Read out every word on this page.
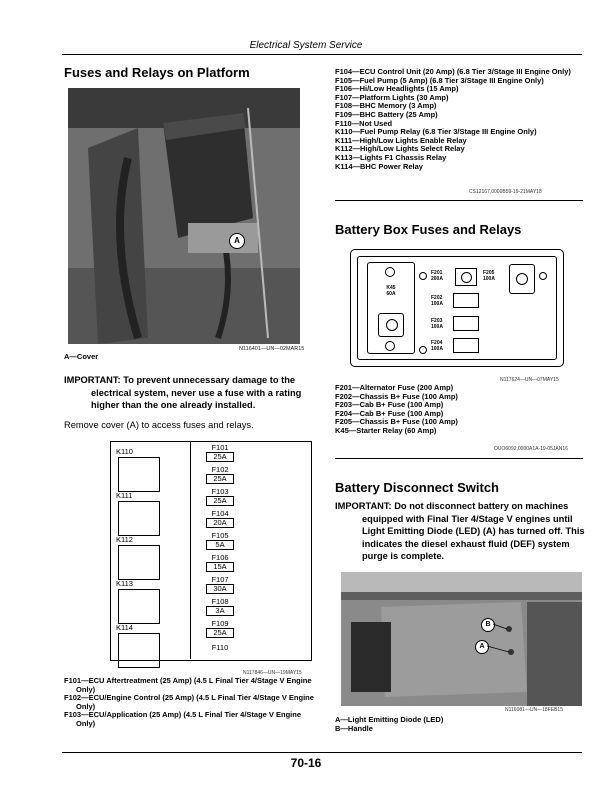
Electrical System Service
Fuses and Relays on Platform
A
N116401—UN—02MAR15
A—Cover
IMPORTANT: To prevent unnecessary damage to the electrical system, never use a fuse with a rating higher than the one already installed.
Remove cover (A) to access fuses and relays.
K110
K111
K112
K113
K114
F101
25A
F102
25A
F103
25A
F104
20A
F105
5A
F106
15A
F107
30A
F108
3A
F109
25A
F110
N117846—UN—19MAY15
F101—ECU Aftertreatment (25 Amp) (4.5 L Final Tier 4/Stage V Engine Only)
F102—ECU/Engine Control (25 Amp) (4.5 L Final Tier 4/Stage V Engine Only)
F103—ECU/Application (25 Amp) (4.5 L Final Tier 4/Stage V Engine Only)
F104—ECU Control Unit (20 Amp) (6.8 Tier 3/Stage III Engine Only)
F105—Fuel Pump (5 Amp) (6.8 Tier 3/Stage III Engine Only)
F106—Hi/Low Headlights (15 Amp)
F107—Platform Lights (30 Amp)
F108—BHC Memory (3 Amp)
F109—BHC Battery (25 Amp)
F110—Not Used
K110—Fuel Pump Relay (6.8 Tier 3/Stage III Engine Only)
K111—High/Low Lights Enable Relay
K112—High/Low Lights Select Relay
K113—Lights F1 Chassis Relay
K114—BHC Power Relay
CS12167,0000B59-19-21MAY18
Battery Box Fuses and Relays
K45
60A
F201
200A
F205
100A
F202
100A
F203
100A
F204
100A
N117624—UN—07MAY15
F201—Alternator Fuse (200 Amp)
F202—Chassis B+ Fuse (100 Amp)
F203—Cab B+ Fuse (100 Amp)
F204—Cab B+ Fuse (100 Amp)
F205—Chassis B+ Fuse (100 Amp)
K45—Starter Relay (60 Amp)
OUO6092,0000A1A-19-05JAN16
Battery Disconnect Switch
IMPORTANT: Do not disconnect battery on machines equipped with Final Tier 4/Stage V engines until Light Emitting Diode (LED) (A) has turned off. This indicates the diesel exhaust fluid (DEF) system purge is complete.
B
A
N116081—UN—18FEB15
A—Light Emitting Diode (LED)
B—Handle
70-16
